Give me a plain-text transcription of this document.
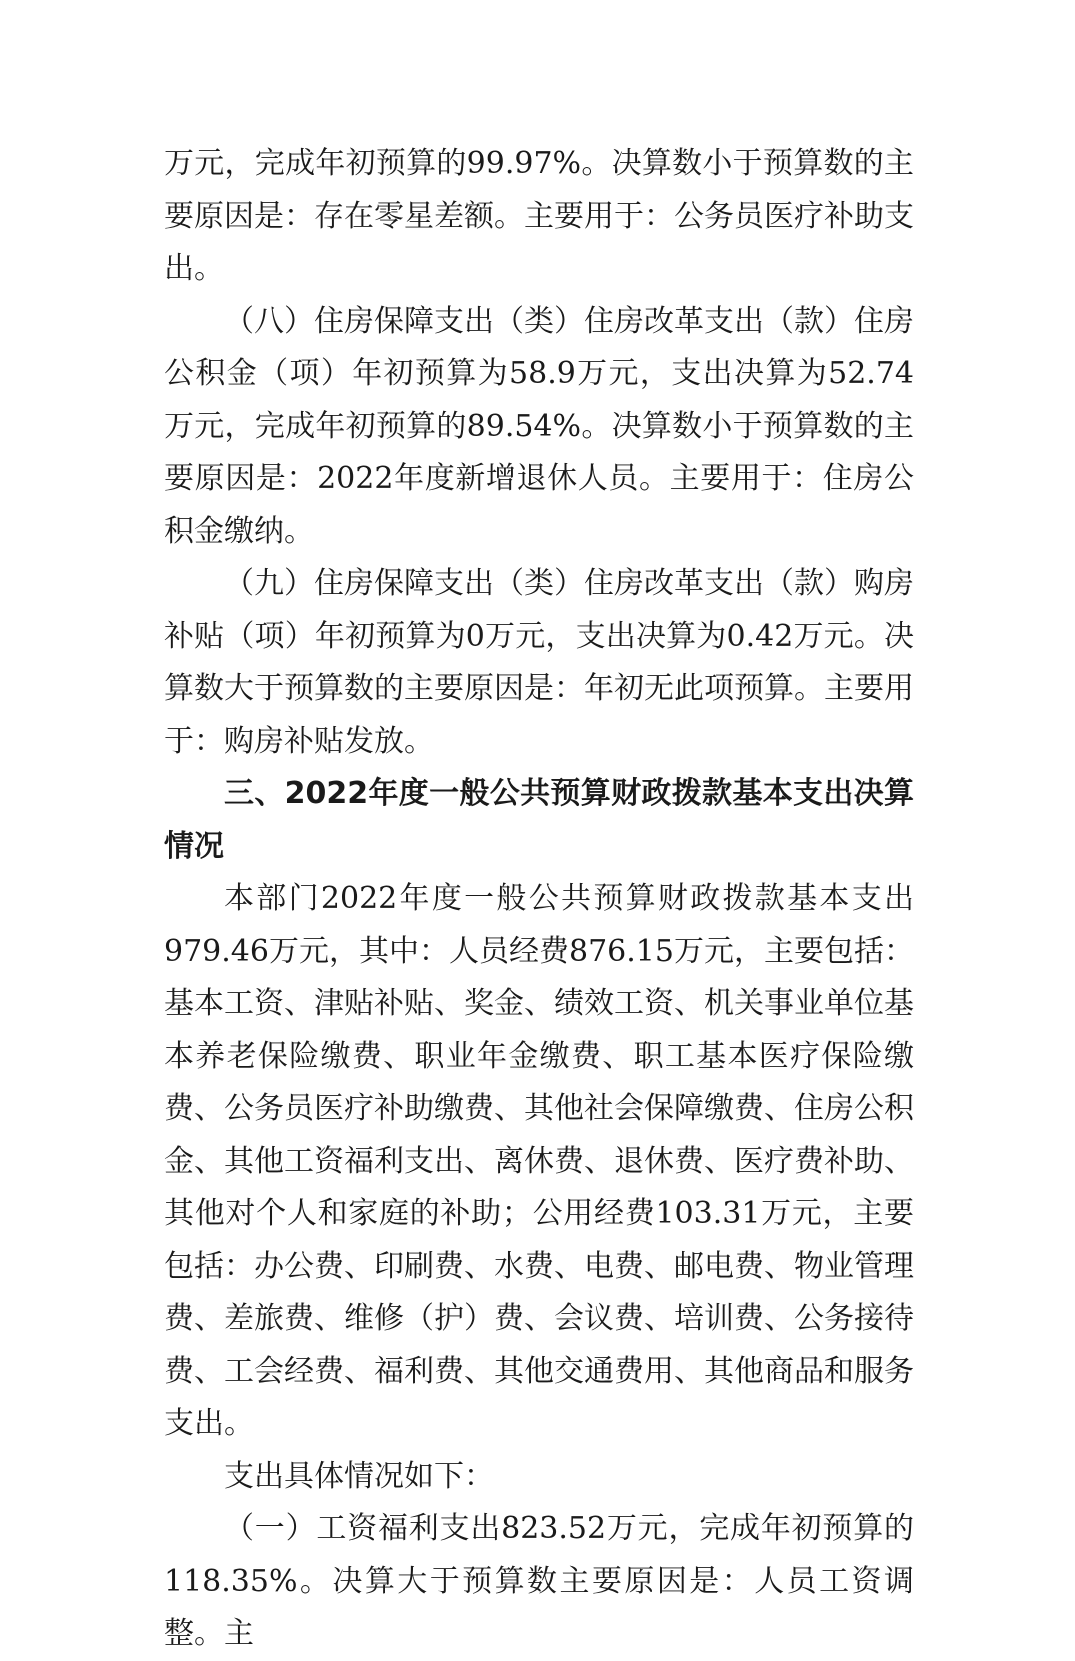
万元，完成年初预算的99.97%。决算数小于预算数的主要原因是：存在零星差额。主要用于：公务员医疗补助支出。

（八）住房保障支出（类）住房改革支出（款）住房公积金（项）年初预算为58.9万元，支出决算为52.74万元，完成年初预算的89.54%。决算数小于预算数的主要原因是：2022年度新增退休人员。主要用于：住房公积金缴纳。

（九）住房保障支出（类）住房改革支出（款）购房补贴（项）年初预算为0万元，支出决算为0.42万元。决算数大于预算数的主要原因是：年初无此项预算。主要用于：购房补贴发放。

三、2022年度一般公共预算财政拨款基本支出决算情况

本部门2022年度一般公共预算财政拨款基本支出979.46万元，其中：人员经费876.15万元，主要包括：基本工资、津贴补贴、奖金、绩效工资、机关事业单位基本养老保险缴费、职业年金缴费、职工基本医疗保险缴费、公务员医疗补助缴费、其他社会保障缴费、住房公积金、其他工资福利支出、离休费、退休费、医疗费补助、其他对个人和家庭的补助；公用经费103.31万元，主要包括：办公费、印刷费、水费、电费、邮电费、物业管理费、差旅费、维修（护）费、会议费、培训费、公务接待费、工会经费、福利费、其他交通费用、其他商品和服务支出。

支出具体情况如下：

（一）工资福利支出823.52万元，完成年初预算的118.35%。决算大于预算数主要原因是：人员工资调整。主
